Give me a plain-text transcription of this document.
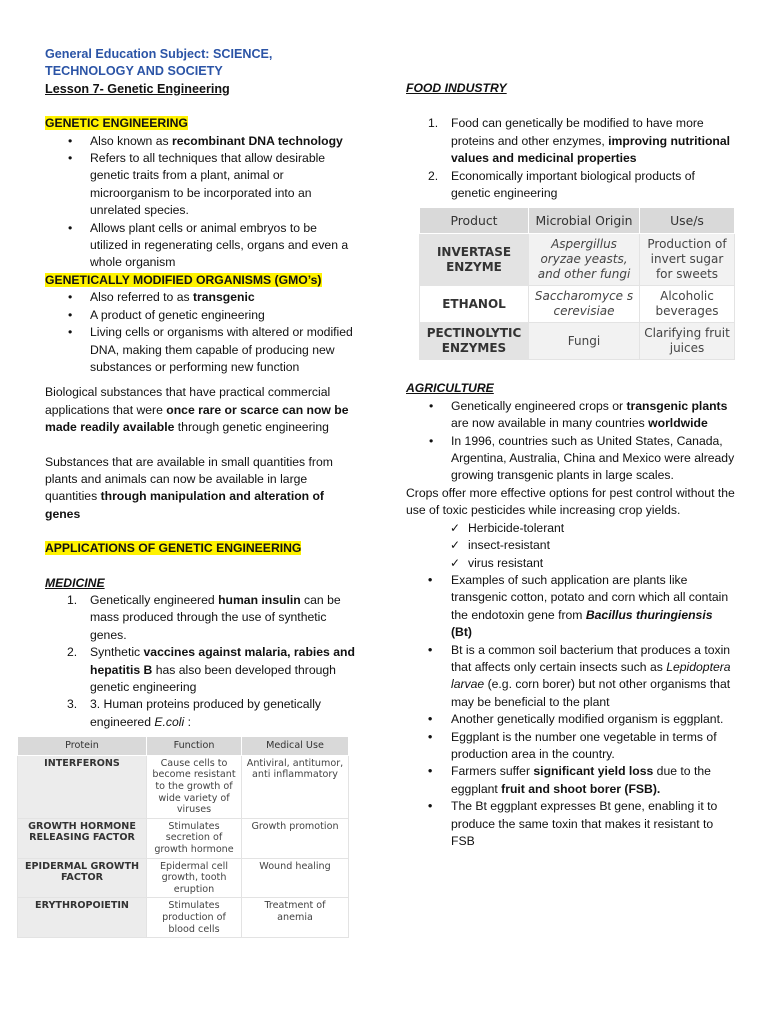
General Education Subject: SCIENCE, TECHNOLOGY AND SOCIETY

Lesson 7- Genetic Engineering

GENETIC ENGINEERING

• Also known as recombinant DNA technology
• Refers to all techniques that allow desirable genetic traits from a plant, animal or microorganism to be incorporated into an unrelated species.
• Allows plant cells or animal embryos to be utilized in regenerating cells, organs and even a whole organism

GENETICALLY MODIFIED ORGANISMS (GMO’s)

• Also referred to as transgenic
• A product of genetic engineering
• Living cells or organisms with altered or modified DNA, making them capable of producing new substances or performing new function

Biological substances that have practical commercial applications that were once rare or scarce can now be made readily available through genetic engineering

Substances that are available in small quantities from plants and animals can now be available in large quantities through manipulation and alteration of genes

APPLICATIONS OF GENETIC ENGINEERING

MEDICINE

1. Genetically engineered human insulin can be mass produced through the use of synthetic genes.
2. Synthetic vaccines against malaria, rabies and hepatitis B has also been developed through genetic engineering
3. 3. Human proteins produced by genetically engineered E.coli :
Protein	Function	Medical Use
INTERFERONS	Cause cells to become resistant to the growth of wide variety of viruses	Antiviral, antitumor, anti inflammatory
GROWTH HORMONE RELEASING FACTOR	Stimulates secretion of growth hormone	Growth promotion
EPIDERMAL GROWTH FACTOR	Epidermal cell growth, tooth eruption	Wound healing
ERYTHROPOIETIN	Stimulates production of blood cells	Treatment of anemia

FOOD INDUSTRY

1. Food can genetically be modified to have more proteins and other enzymes, improving nutritional values and medicinal properties
2. Economically important biological products of genetic engineering
Product	Microbial Origin	Use/s
INVERTASE ENZYME	Aspergillus oryzae yeasts, and other fungi	Production of invert sugar for sweets
ETHANOL	Saccharomyce s cerevisiae	Alcoholic beverages
PECTINOLYTIC ENZYMES	Fungi	Clarifying fruit juices

AGRICULTURE

• Genetically engineered crops or transgenic plants are now available in many countries worldwide
• In 1996, countries such as United States, Canada, Argentina, Australia, China and Mexico were already growing transgenic plants in large scales.

Crops offer more effective options for pest control without the use of toxic pesticides while increasing crop yields.

✓ Herbicide-tolerant
✓ insect-resistant
✓ virus resistant
• Examples of such application are plants like transgenic cotton, potato and corn which all contain the endotoxin gene from Bacillus thuringiensis (Bt)
• Bt is a common soil bacterium that produces a toxin that affects only certain insects such as Lepidoptera larvae (e.g. corn borer) but not other organisms that may be beneficial to the plant
• Another genetically modified organism is eggplant.
• Eggplant is the number one vegetable in terms of production area in the country.
• Farmers suffer significant yield loss due to the eggplant fruit and shoot borer (FSB).
• The Bt eggplant expresses Bt gene, enabling it to produce the same toxin that makes it resistant to FSB
